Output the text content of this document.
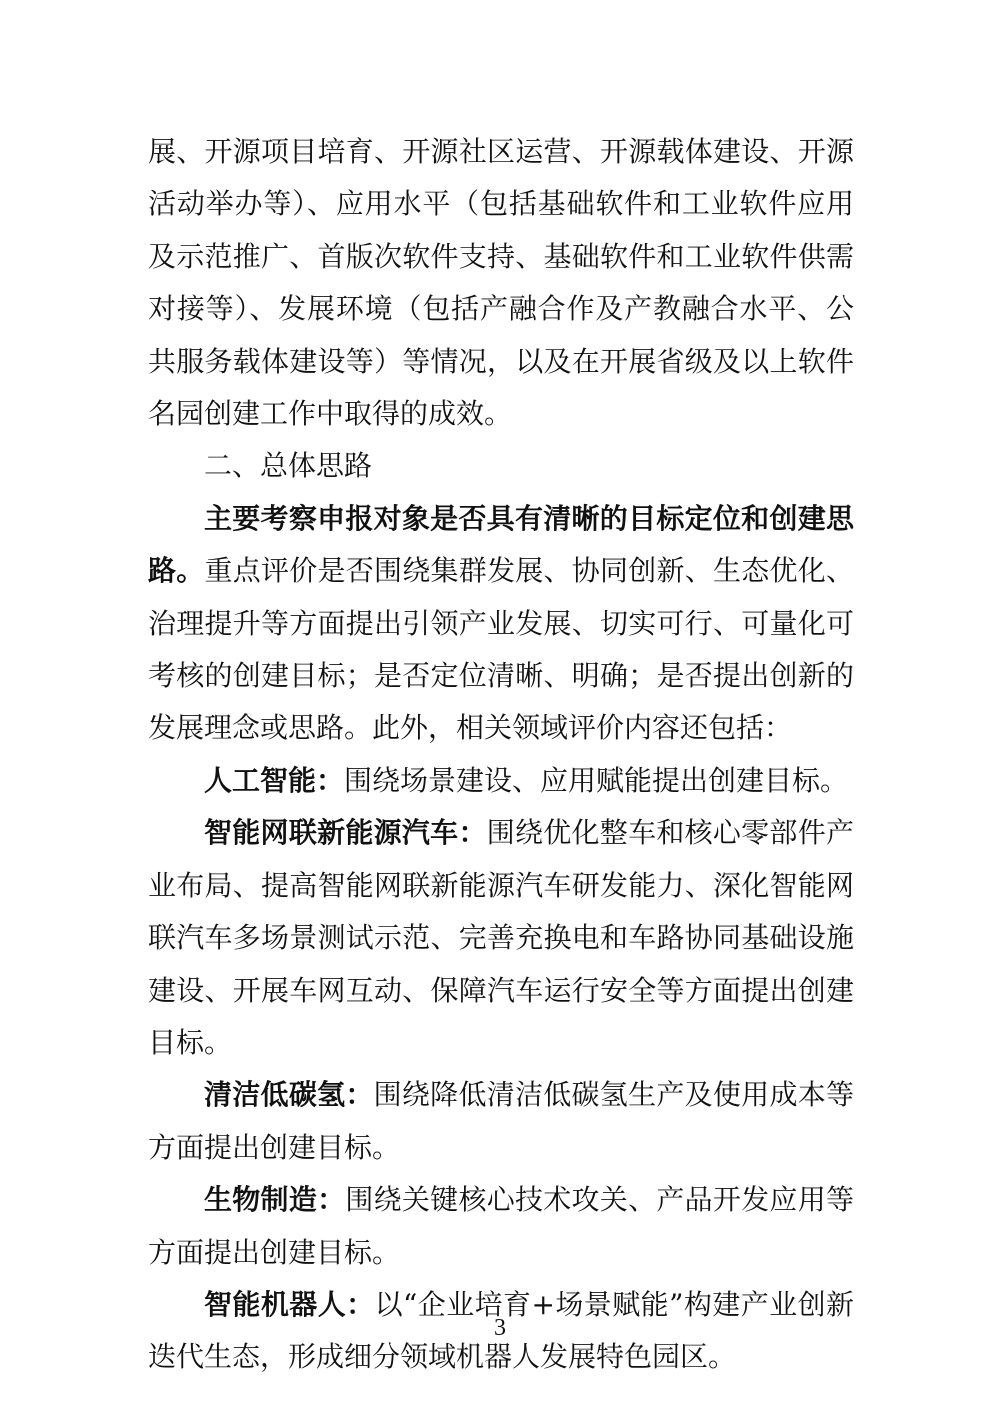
展、开源项目培育、开源社区运营、开源载体建设、开源活动举办等）、应用水平（包括基础软件和工业软件应用及示范推广、首版次软件支持、基础软件和工业软件供需对接等）、发展环境（包括产融合作及产教融合水平、公共服务载体建设等）等情况，以及在开展省级及以上软件名园创建工作中取得的成效。

二、总体思路

主要考察申报对象是否具有清晰的目标定位和创建思路。重点评价是否围绕集群发展、协同创新、生态优化、治理提升等方面提出引领产业发展、切实可行、可量化可考核的创建目标；是否定位清晰、明确；是否提出创新的发展理念或思路。此外，相关领域评价内容还包括：

人工智能：围绕场景建设、应用赋能提出创建目标。

智能网联新能源汽车：围绕优化整车和核心零部件产业布局、提高智能网联新能源汽车研发能力、深化智能网联汽车多场景测试示范、完善充换电和车路协同基础设施建设、开展车网互动、保障汽车运行安全等方面提出创建目标。

清洁低碳氢：围绕降低清洁低碳氢生产及使用成本等方面提出创建目标。

生物制造：围绕关键核心技术攻关、产品开发应用等方面提出创建目标。

智能机器人：以“企业培育+场景赋能”构建产业创新迭代生态，形成细分领域机器人发展特色园区。

3
